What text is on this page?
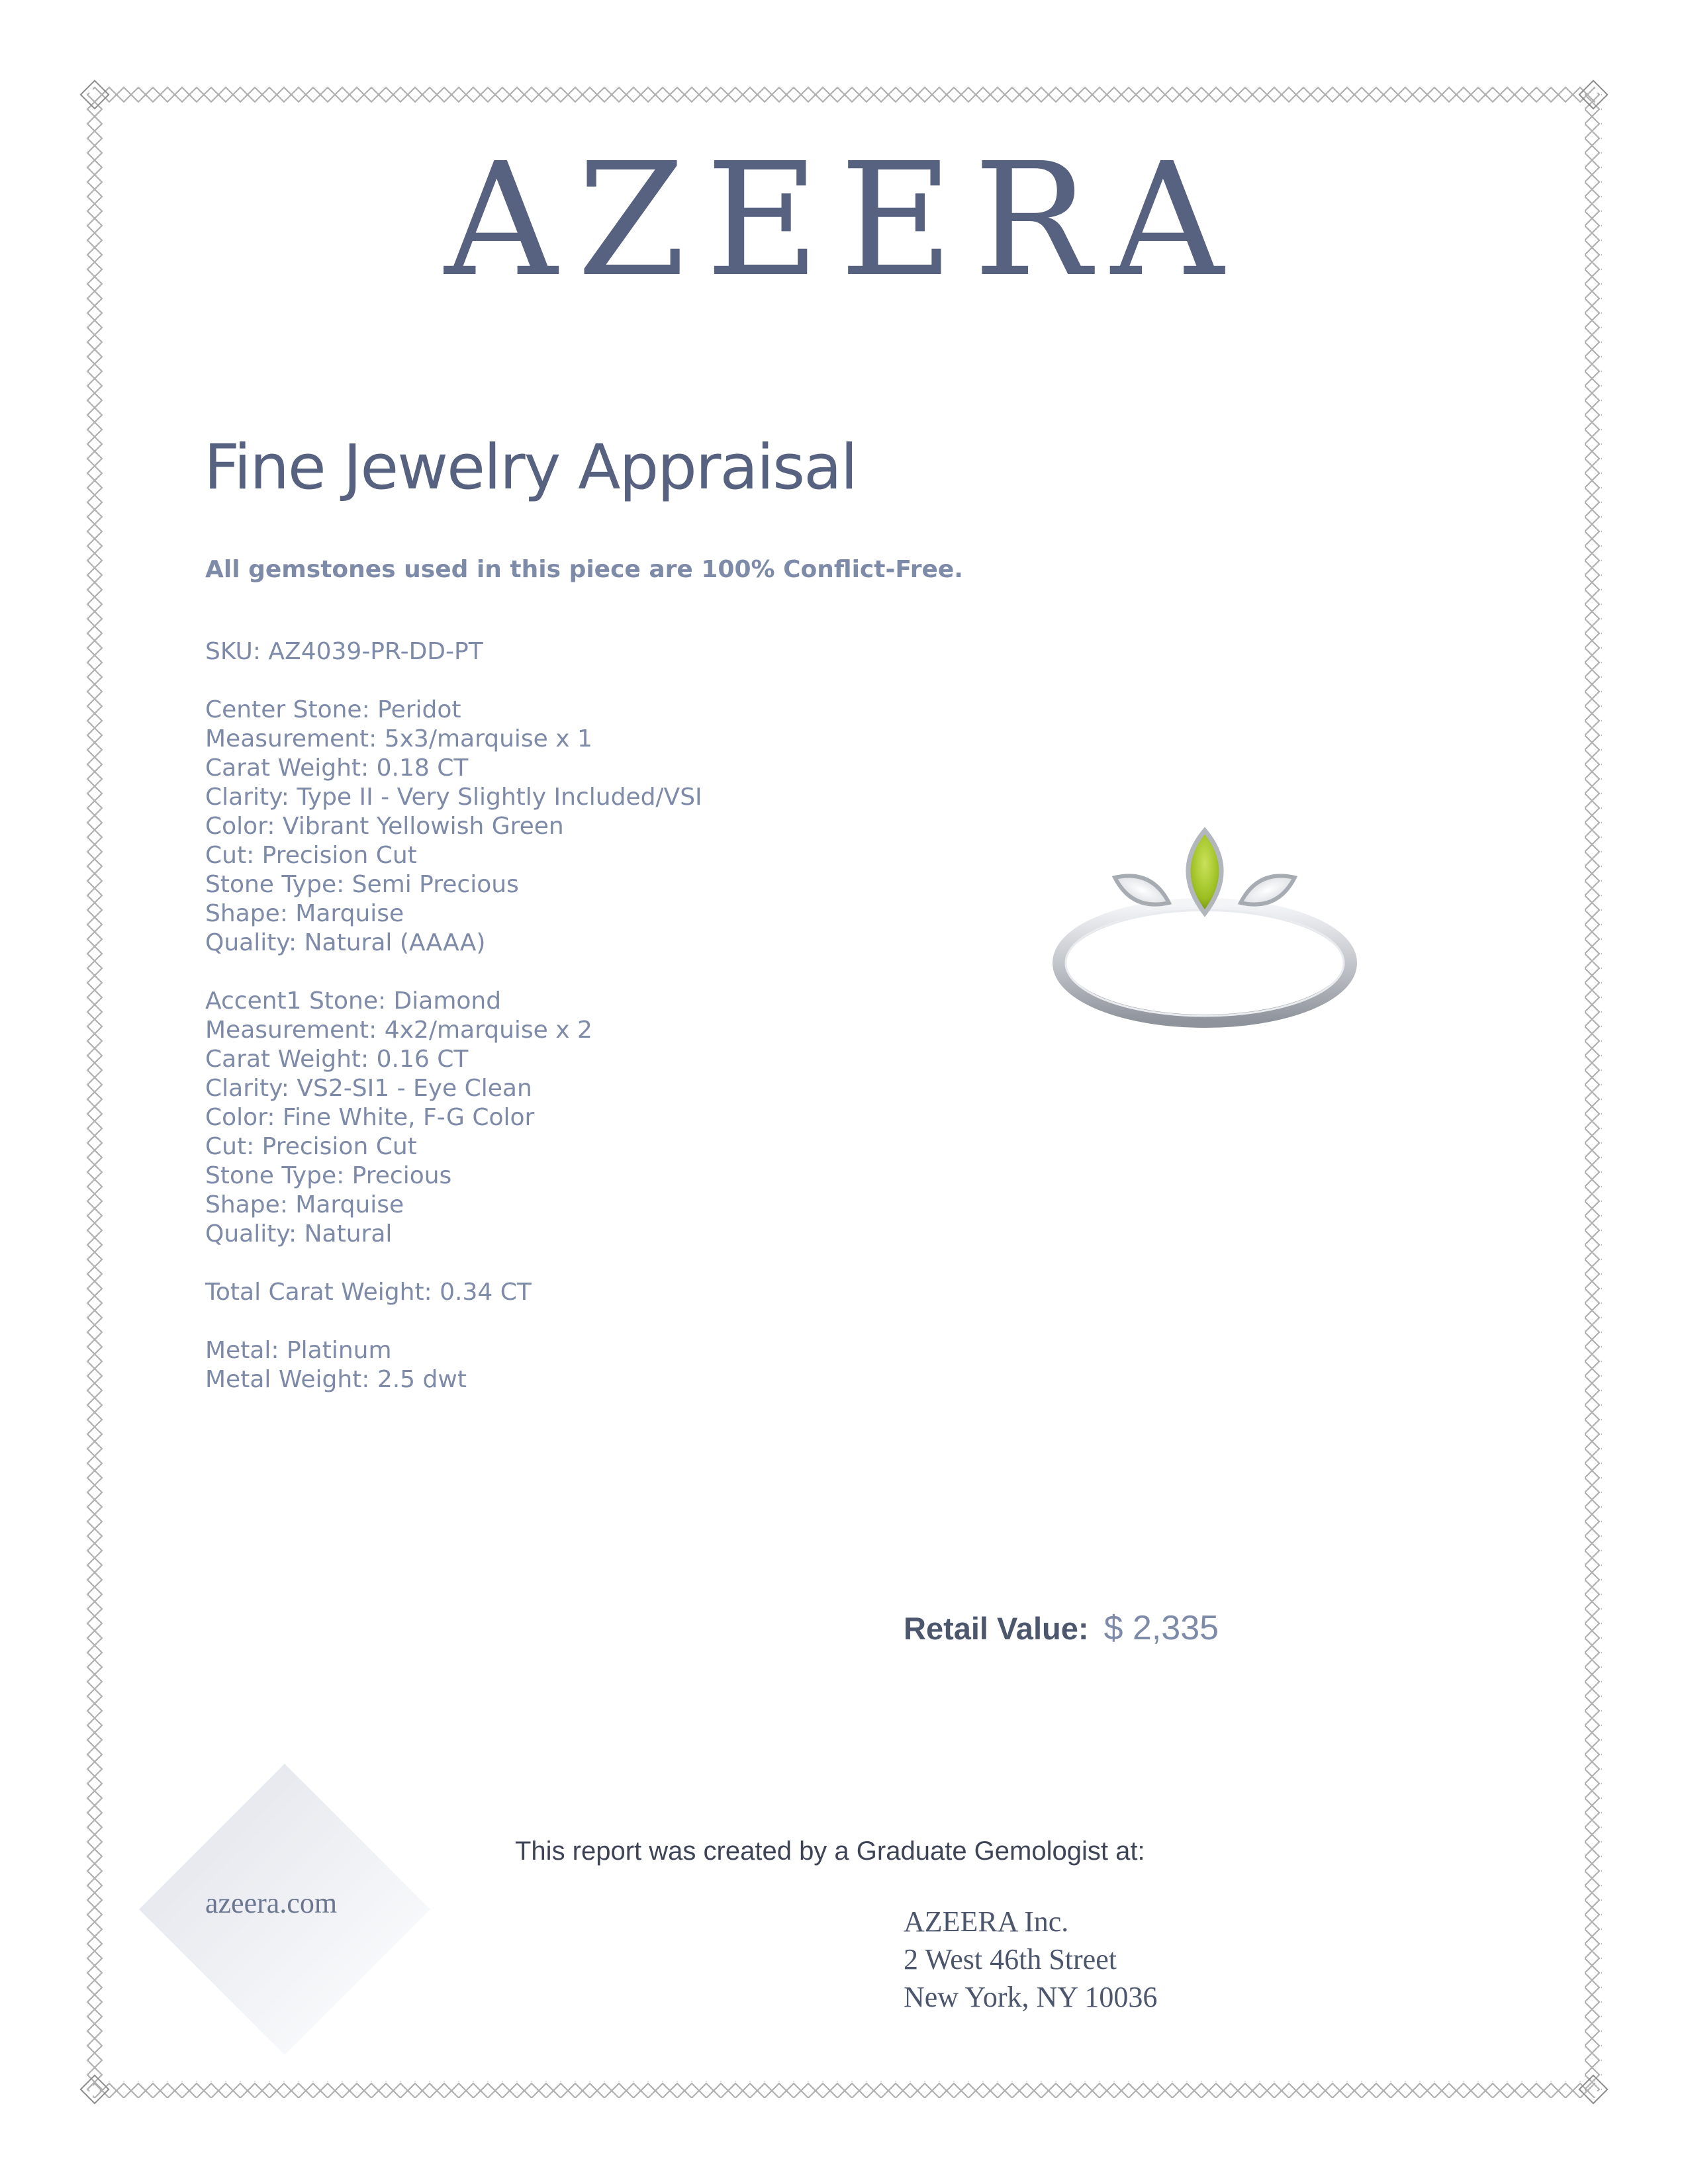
AZEERA
Fine Jewelry Appraisal
All gemstones used in this piece are 100% Conflict-Free.
SKU: AZ4039-PR-DD-PT
Center Stone: Peridot
Measurement: 5x3/marquise x 1
Carat Weight: 0.18 CT
Clarity: Type II - Very Slightly Included/VSI
Color: Vibrant Yellowish Green
Cut: Precision Cut
Stone Type: Semi Precious
Shape: Marquise
Quality: Natural (AAAA)
Accent1 Stone: Diamond
Measurement: 4x2/marquise x 2
Carat Weight: 0.16 CT
Clarity: VS2-SI1 - Eye Clean
Color: Fine White, F-G Color
Cut: Precision Cut
Stone Type: Precious
Shape: Marquise
Quality: Natural
Total Carat Weight: 0.34 CT
Metal: Platinum
Metal Weight: 2.5 dwt
Retail Value: $ 2,335
This report was created by a Graduate Gemologist at:
azeera.com
AZEERA Inc.
2 West 46th Street
New York, NY 10036
